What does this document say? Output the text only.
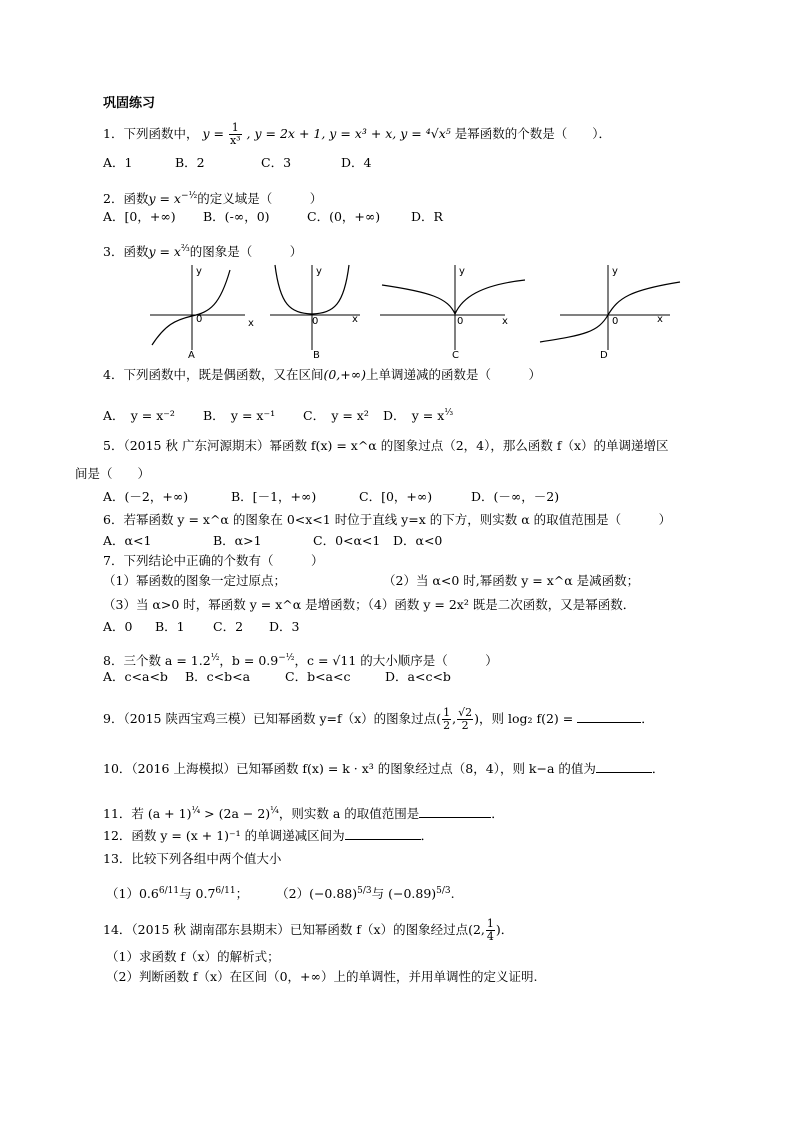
巩固练习
1．下列函数中， $y = \frac{1}{\text{x³}}$ , y = 2x + 1, y = x³ + x, y = ⁴√x⁵ 是幂函数的个数是（　　）．
A．1	B．2	C．3	D．4
2．函数$y = x^{-\frac{1}{2}}$的定义域是（　　　）
A．[0，+∞) B．(-∞，0)	C．(0，+∞) D．R
3．函数$y = x^{\frac{2}{3}}$的图象是（　　　）
y
x
0
A
y
x
0
B
y
x
0
C
y
x
0
D
4．下列函数中，既是偶函数，又在区间(0,+∞)上单调递减的函数是（　　　）
A．　y = x⁻² B．　y = x⁻¹ C．　y = x² D．　$y = x^{\frac{1}{3}}$
5．（2015 秋 广东河源期末）幂函数 f(x) = x^α 的图象过点（2，4），那么函数 f（x）的单调递增区
间是（　　）
A．(－2，+∞)	B．[－1，+∞)	C．[0，+∞)	D．(－∞，－2)
6．若幂函数 y = x^α 的图象在 0<x<1 时位于直线 y=x 的下方，则实数 α 的取值范围是（　　　）
A．α<1	B．α>1	C．0<α<1 D．α<0
7．下列结论中正确的个数有（　　　）
（1）幂函数的图象一定过原点；	（2）当 α<0 时,幂函数 y = x^α 是减函数；
（3）当 α>0 时，幂函数 y = x^α 是增函数；（4）函数 y = 2x² 既是二次函数，又是幂函数．
A．0 B．1 C．2 D．3
8．三个数 $a = 1.2^{\frac{1}{2}}$，$b = 0.9^{-\frac{1}{2}}$，c = √11 的大小顺序是（　　　）
A．c<a<b B．c<b<a	C．b<a<c	D．a<c<b
9．（2015 陕西宝鸡三模）已知幂函数 y=f（x）的图象过点( $\frac{1}{2}$ , $\frac{√2}{2}$ )，则 log₂ f(2) =	．
10．（2016 上海模拟）已知幂函数 f(x) = k · x³ 的图象经过点（8，4），则 k−a 的值为	．
11．若 $(a + 1)^{\frac{1}{4}} > (2a - 2)^{\frac{1}{4}}$，则实数 a 的取值范围是	．
12．函数 y = (x + 1)⁻¹ 的单调递减区间为	．
13．比较下列各组中两个值大小
$(1)0.6^{6/11}$与 $0.7^{6/11}$； $(2)(-0.88)^{5/3}$与 $(-0.89)^{5/3}$.
14．（2015 秋 湖南邵东县期末）已知幂函数 f（x）的图象经过点(2, $\frac{1}{4}$ )．
（1）求函数 f（x）的解析式；
（2）判断函数 f（x）在区间（0，+∞）上的单调性，并用单调性的定义证明.
